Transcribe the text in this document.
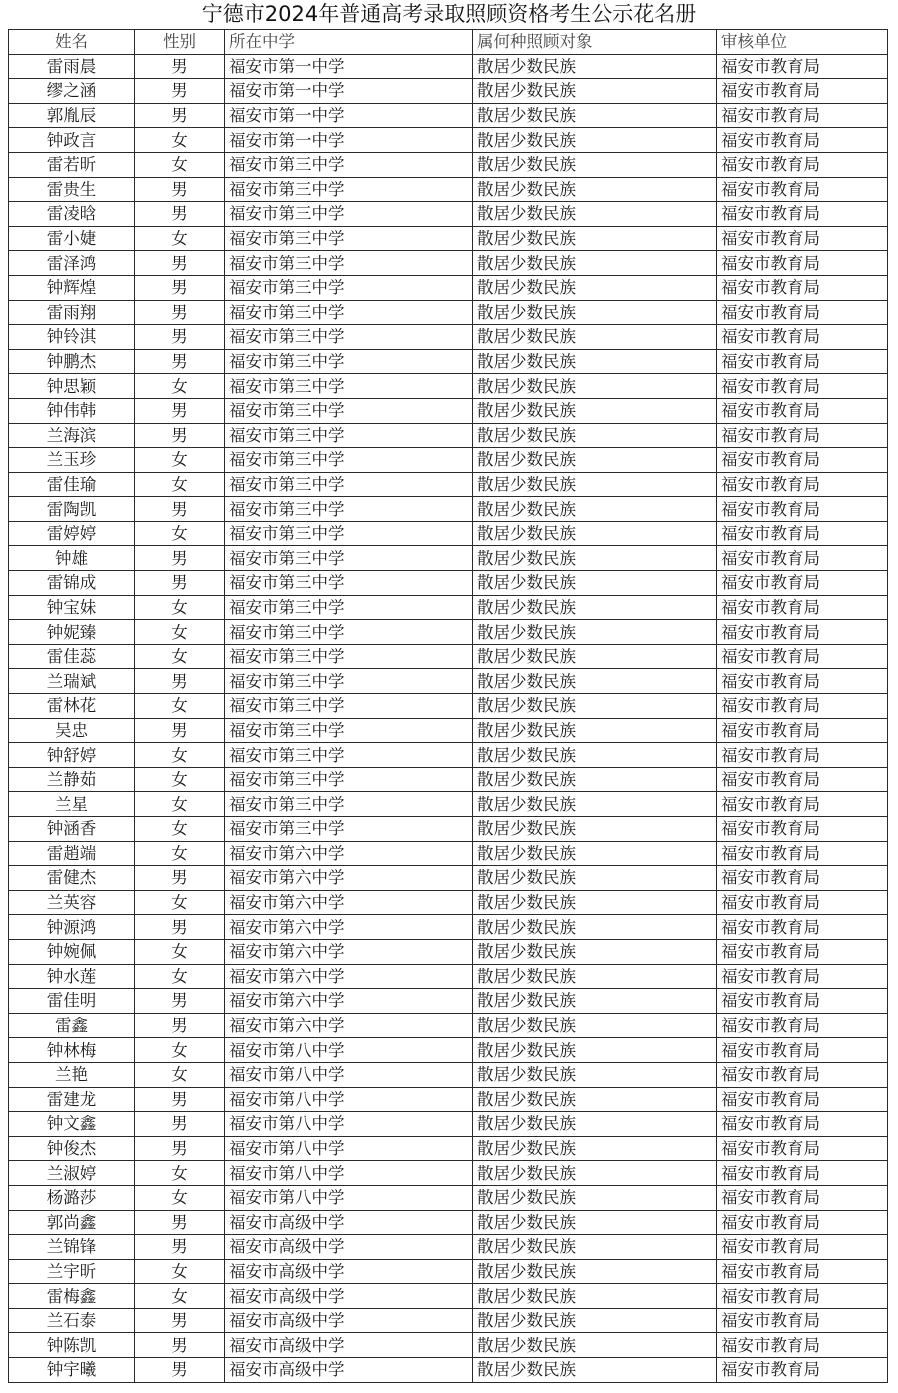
宁德市2024年普通高考录取照顾资格考生公示花名册
姓名	性别	所在中学	属何种照顾对象	审核单位
雷雨晨	男	福安市第一中学	散居少数民族	福安市教育局
缪之涵	男	福安市第一中学	散居少数民族	福安市教育局
郭胤辰	男	福安市第一中学	散居少数民族	福安市教育局
钟政言	女	福安市第一中学	散居少数民族	福安市教育局
雷若昕	女	福安市第三中学	散居少数民族	福安市教育局
雷贵生	男	福安市第三中学	散居少数民族	福安市教育局
雷凌晗	男	福安市第三中学	散居少数民族	福安市教育局
雷小婕	女	福安市第三中学	散居少数民族	福安市教育局
雷泽鸿	男	福安市第三中学	散居少数民族	福安市教育局
钟辉煌	男	福安市第三中学	散居少数民族	福安市教育局
雷雨翔	男	福安市第三中学	散居少数民族	福安市教育局
钟铃淇	男	福安市第三中学	散居少数民族	福安市教育局
钟鹏杰	男	福安市第三中学	散居少数民族	福安市教育局
钟思颖	女	福安市第三中学	散居少数民族	福安市教育局
钟伟韩	男	福安市第三中学	散居少数民族	福安市教育局
兰海滨	男	福安市第三中学	散居少数民族	福安市教育局
兰玉珍	女	福安市第三中学	散居少数民族	福安市教育局
雷佳瑜	女	福安市第三中学	散居少数民族	福安市教育局
雷陶凯	男	福安市第三中学	散居少数民族	福安市教育局
雷婷婷	女	福安市第三中学	散居少数民族	福安市教育局
钟雄	男	福安市第三中学	散居少数民族	福安市教育局
雷锦成	男	福安市第三中学	散居少数民族	福安市教育局
钟宝妹	女	福安市第三中学	散居少数民族	福安市教育局
钟妮臻	女	福安市第三中学	散居少数民族	福安市教育局
雷佳蕊	女	福安市第三中学	散居少数民族	福安市教育局
兰瑞斌	男	福安市第三中学	散居少数民族	福安市教育局
雷林花	女	福安市第三中学	散居少数民族	福安市教育局
吴忠	男	福安市第三中学	散居少数民族	福安市教育局
钟舒婷	女	福安市第三中学	散居少数民族	福安市教育局
兰静茹	女	福安市第三中学	散居少数民族	福安市教育局
兰星	女	福安市第三中学	散居少数民族	福安市教育局
钟涵香	女	福安市第三中学	散居少数民族	福安市教育局
雷趙端	女	福安市第六中学	散居少数民族	福安市教育局
雷健杰	男	福安市第六中学	散居少数民族	福安市教育局
兰英容	女	福安市第六中学	散居少数民族	福安市教育局
钟源鸿	男	福安市第六中学	散居少数民族	福安市教育局
钟婉佩	女	福安市第六中学	散居少数民族	福安市教育局
钟水莲	女	福安市第六中学	散居少数民族	福安市教育局
雷佳明	男	福安市第六中学	散居少数民族	福安市教育局
雷鑫	男	福安市第六中学	散居少数民族	福安市教育局
钟林梅	女	福安市第八中学	散居少数民族	福安市教育局
兰艳	女	福安市第八中学	散居少数民族	福安市教育局
雷建龙	男	福安市第八中学	散居少数民族	福安市教育局
钟文鑫	男	福安市第八中学	散居少数民族	福安市教育局
钟俊杰	男	福安市第八中学	散居少数民族	福安市教育局
兰淑婷	女	福安市第八中学	散居少数民族	福安市教育局
杨潞莎	女	福安市第八中学	散居少数民族	福安市教育局
郭尚鑫	男	福安市高级中学	散居少数民族	福安市教育局
兰锦锋	男	福安市高级中学	散居少数民族	福安市教育局
兰宇昕	女	福安市高级中学	散居少数民族	福安市教育局
雷梅鑫	女	福安市高级中学	散居少数民族	福安市教育局
兰石泰	男	福安市高级中学	散居少数民族	福安市教育局
钟陈凯	男	福安市高级中学	散居少数民族	福安市教育局
钟宇曦	男	福安市高级中学	散居少数民族	福安市教育局
